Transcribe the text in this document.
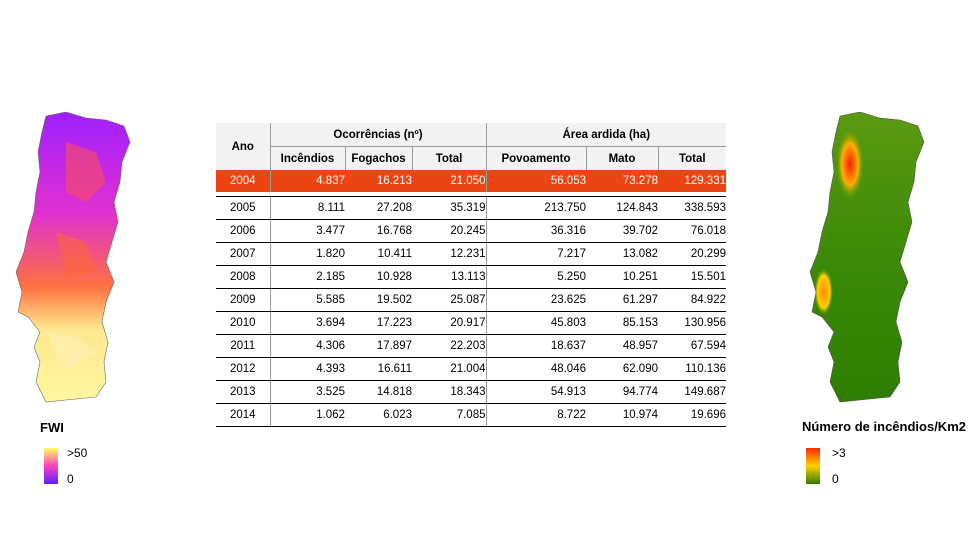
FWI
>50
0
Número de incêndios/Km2
>3
0
Ano	Ocorrências (nº)			Área ardida (ha)		
	Incêndios	Fogachos	Total	Povoamento	Mato	Total
2004	4.837	16.213	21.050	56.053	73.278	129.331

2005	8.111	27.208	35.319	213.750	124.843	338.593
2006	3.477	16.768	20.245	36.316	39.702	76.018
2007	1.820	10.411	12.231	7.217	13.082	20.299
2008	2.185	10.928	13.113	5.250	10.251	15.501
2009	5.585	19.502	25.087	23.625	61.297	84.922
2010	3.694	17.223	20.917	45.803	85.153	130.956
2011	4.306	17.897	22.203	18.637	48.957	67.594
2012	4.393	16.611	21.004	48.046	62.090	110.136
2013	3.525	14.818	18.343	54.913	94.774	149.687
2014	1.062	6.023	7.085	8.722	10.974	19.696
